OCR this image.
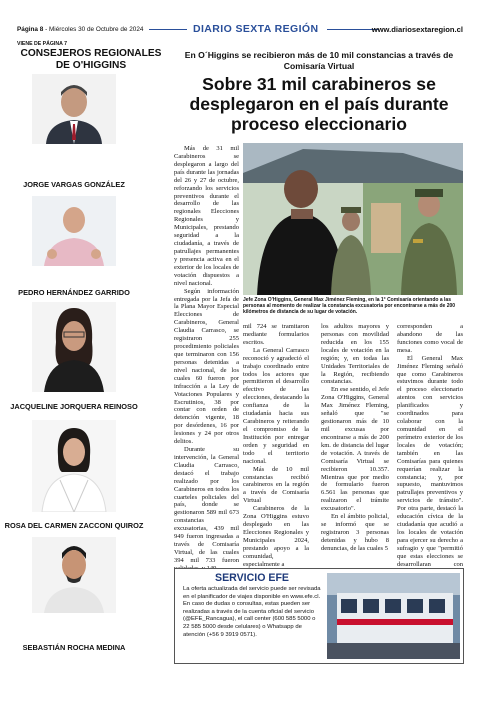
Página 8 - Miércoles 30 de Octubre de 2024	DIARIO SEXTA REGIÓN	www.diariosextaregion.cl
VIENE DE PÁGINA 7
CONSEJEROS REGIONALES DE O'HIGGINS
JORGE VARGAS GONZÁLEZ
PEDRO HERNÁNDEZ GARRIDO
JACQUELINE JORQUERA REINOSO
ROSA DEL CARMEN ZACCONI QUIROZ
SEBASTIÁN ROCHA MEDINA
En O´Higgins se recibieron más de 10 mil constancias a través de Comisaría Virtual
Sobre 31 mil carabineros se desplegaron en el país durante proceso eleccionario

Más de 31 mil Carabineros se desplegaron a largo del país durante las jornadas del 26 y 27 de octubre, reforzando los servicios preventivos durante el desarrollo de las regionales Elecciones Regionales y Municipales, prestando seguridad a la ciudadanía, a través de patrullajes permanentes y presencia activa en el exterior de los locales de votación dispuestos a nivel nacional.

Según información entregada por la Jefa de la Plana Mayor Especial Elecciones de Carabineros, General Claudia Carrasco, se registraron 255 procedimiento policiales que terminaron con 156 personas detenidas a nivel nacional, de los cuales 60 fueron por infracción a la Ley de Votaciones Populares y Escrutinios, 38 por contar con orden de detención vigente, 18 por desórdenes, 16 por lesiones y 24 por otros delitos.

Durante su intervención, la General Claudia Carrasco, destacó el trabajo realizado por los Carabineros en todos los cuarteles policiales del país, donde se gestionaron 589 mil 673 constancias excusatorias, 439 mil 949 fueron ingresadas a través de Comisaría Virtual, de las cuales 394 mil 733 fueron

Jefe Zona O'Higgins, General Max Jiménez Fleming, en la 1° Comisaría orientando a las personas al momento de realizar la constancia excusatoria por encontrarse a más de 200 kilómetros de distancia de su lugar de votación.

mil 724 se tramitaron mediante formularios escritos.

La General Carrasco reconoció y agradeció el trabajo coordinado entre todos los actores que permitieron el desarrollo efectivo de las elecciones, destacando la confianza de la ciudadanía hacia sus Carabineros y reiterando el compromiso de la Institución por entregar orden y seguridad en todo el territorio nacional.

Más de 10 mil constancias recibió carabineros en la región a través de Comisaría Virtual

Carabineros de la Zona O'Higgins estuvo desplegado en las Elecciones Regionales y Municipales 2024, prestando apoyo a la comunidad, especialmente a

los adultos mayores y personas con movilidad reducida en los 155 locales de votación en la región; y, en todas las Unidades Territoriales de la Región, recibiendo constancias.

En ese sentido, el Jefe Zona O'Higgins, General Max Jiménez Fleming, señaló que "se gestionaron más de 10 mil excusas por encontrarse a más de 200 km. de distancia del lugar de votación. A través de Comisaría Virtual se recibieron 10.357. Mientras que por medio de formulario fueron 6.561 las personas que realizaron el trámite excusatorio".

En el ámbito policial, se informó que se registraron 3 personas detenidas y hubo 8 denuncias, de las cuales 5

corresponden a abandono de las funciones como vocal de mesa.

El General Max Jiménez Fleming señaló que como Carabineros estuvimos durante todo el proceso eleccionario atentos con servicios planificados y coordinados para colaborar con la comunidad en el perímetro exterior de los locales de votación; también en las Comisarías para quienes requerían realizar la constancia; y, por supuesto, mantuvimos patrullajes preventivos y servicios de tránsito". Por otra parte, destacó la educación cívica de la ciudadanía que acudió a los locales de votación para ejercer su derecho a sufragio y que "permitió que estas elecciones se desarrollaran con

SERVICIO EFE
La oferta actualizada del servicio puede ser revisada en el planificador de viajes disponible en www.efe.cl. En caso de dudas o consultas, estas pueden ser realizadas a través de la cuenta oficial del servicio (@EFE_Rancagua), el call center (600 585 5000 o 22 585 5000 desde celulares) o Whatsapp de atención (+56 9 3919 0571).
